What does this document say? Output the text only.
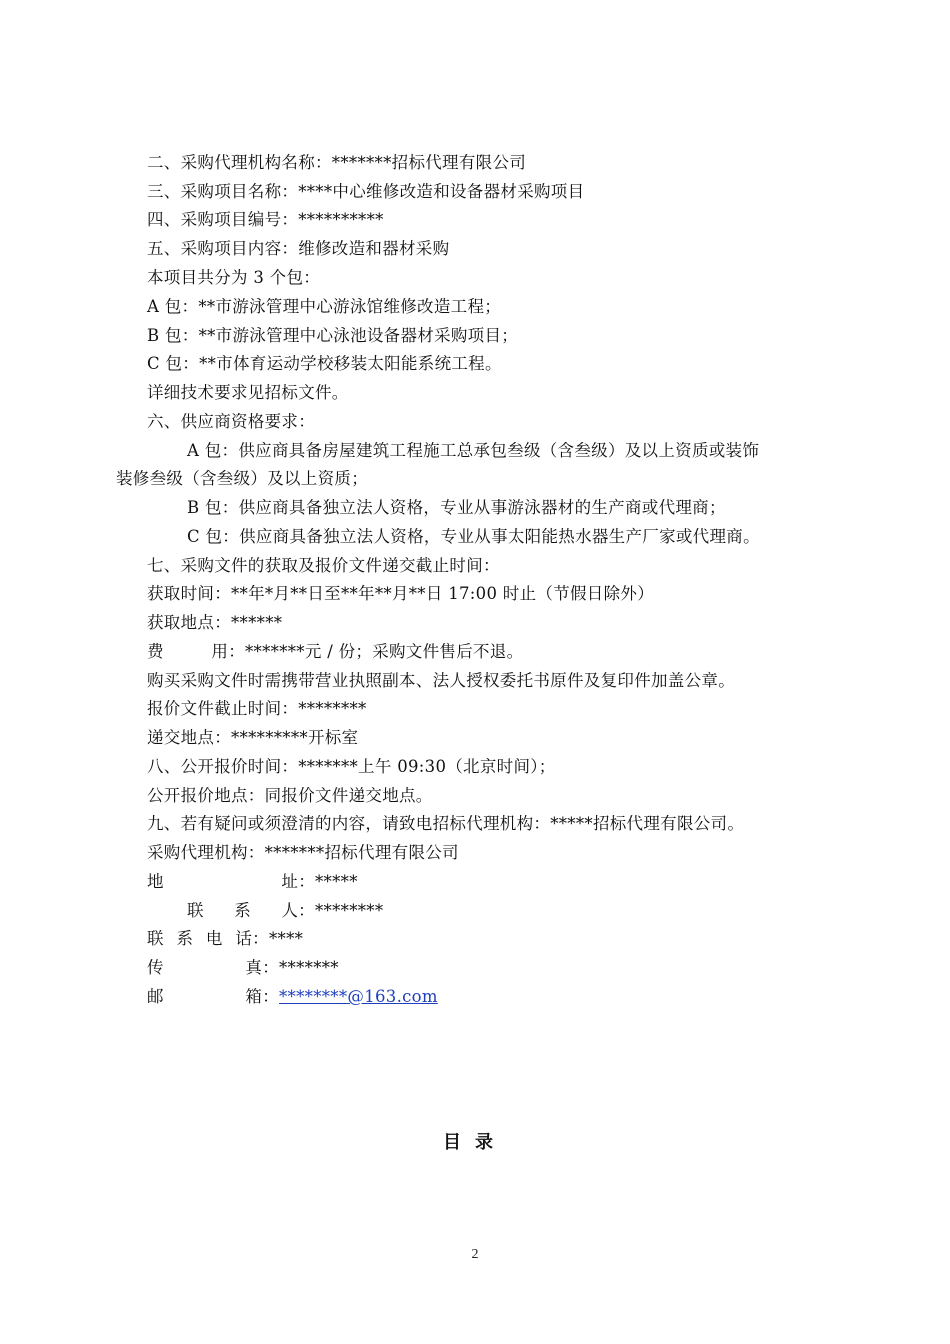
二、采购代理机构名称：*******招标代理有限公司
三、采购项目名称：****中心维修改造和设备器材采购项目
四、采购项目编号：**********
五、采购项目内容：维修改造和器材采购
本项目共分为 3 个包：
A 包：**市游泳管理中心游泳馆维修改造工程；
B 包：**市游泳管理中心泳池设备器材采购项目；
C 包：**市体育运动学校移装太阳能系统工程。
详细技术要求见招标文件。
六、供应商资格要求：
A 包：供应商具备房屋建筑工程施工总承包叁级（含叁级）及以上资质或装饰
装修叁级（含叁级）及以上资质；
B 包：供应商具备独立法人资格，专业从事游泳器材的生产商或代理商；
C 包：供应商具备独立法人资格，专业从事太阳能热水器生产厂家或代理商。
七、采购文件的获取及报价文件递交截止时间：
获取时间：**年*月**日至**年**月**日 17:00 时止（节假日除外）
获取地点：******
费	用： *******元 / 份；采购文件售后不退。
购买采购文件时需携带营业执照副本、法人授权委托书原件及复印件加盖公章。
报价文件截止时间：********
递交地点：*********开标室
八、公开报价时间：*******上午 09:30（北京时间）；
公开报价地点：同报价文件递交地点。
九、若有疑问或须澄清的内容，请致电招标代理机构：*****招标代理有限公司。
采购代理机构：*******招标代理有限公司
地	址： *****
联 系 人： ********
联 系 电 话： ****
传	真： *******
邮	箱： ********@163.com
目录
2
